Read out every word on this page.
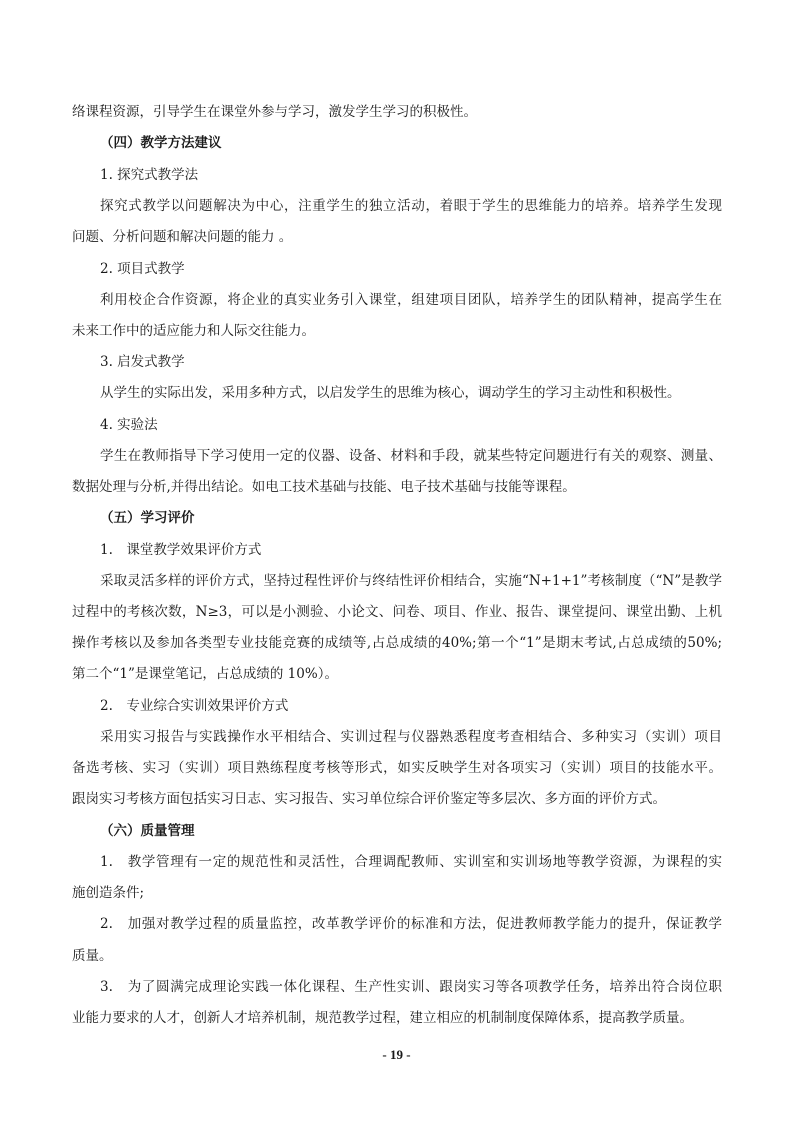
络课程资源，引导学生在课堂外参与学习，激发学生学习的积极性。
（四）教学方法建议
1. 探究式教学法
探究式教学以问题解决为中心，注重学生的独立活动，着眼于学生的思维能力的培养。培养学生发现
问题、分析问题和解决问题的能力 。
2. 项目式教学
利用校企合作资源，将企业的真实业务引入课堂，组建项目团队，培养学生的团队精神，提高学生在
未来工作中的适应能力和人际交往能力。
3. 启发式教学
从学生的实际出发，采用多种方式，以启发学生的思维为核心，调动学生的学习主动性和积极性。
4. 实验法
学生在教师指导下学习使用一定的仪器、设备、材料和手段，就某些特定问题进行有关的观察、测量、
数据处理与分析,并得出结论。如电工技术基础与技能、电子技术基础与技能等课程。
（五）学习评价
1.　课堂教学效果评价方式
采取灵活多样的评价方式，坚持过程性评价与终结性评价相结合，实施“N+1+1”考核制度（“N”是教学
过程中的考核次数，N≥3，可以是小测验、小论文、问卷、项目、作业、报告、课堂提问、课堂出勤、上机
操作考核以及参加各类型专业技能竞赛的成绩等,占总成绩的40%;第一个“1”是期末考试,占总成绩的50%;
第二个“1”是课堂笔记，占总成绩的 10%）。
2.　专业综合实训效果评价方式
采用实习报告与实践操作水平相结合、实训过程与仪器熟悉程度考查相结合、多种实习（实训）项目
备选考核、实习（实训）项目熟练程度考核等形式，如实反映学生对各项实习（实训）项目的技能水平。
跟岗实习考核方面包括实习日志、实习报告、实习单位综合评价鉴定等多层次、多方面的评价方式。
（六）质量管理
1.　教学管理有一定的规范性和灵活性，合理调配教师、实训室和实训场地等教学资源，为课程的实
施创造条件;
2.　加强对教学过程的质量监控，改革教学评价的标准和方法，促进教师教学能力的提升，保证教学
质量。
3.　为了圆满完成理论实践一体化课程、生产性实训、跟岗实习等各项教学任务，培养出符合岗位职
业能力要求的人才，创新人才培养机制，规范教学过程，建立相应的机制制度保障体系，提高教学质量。
- 19 -
